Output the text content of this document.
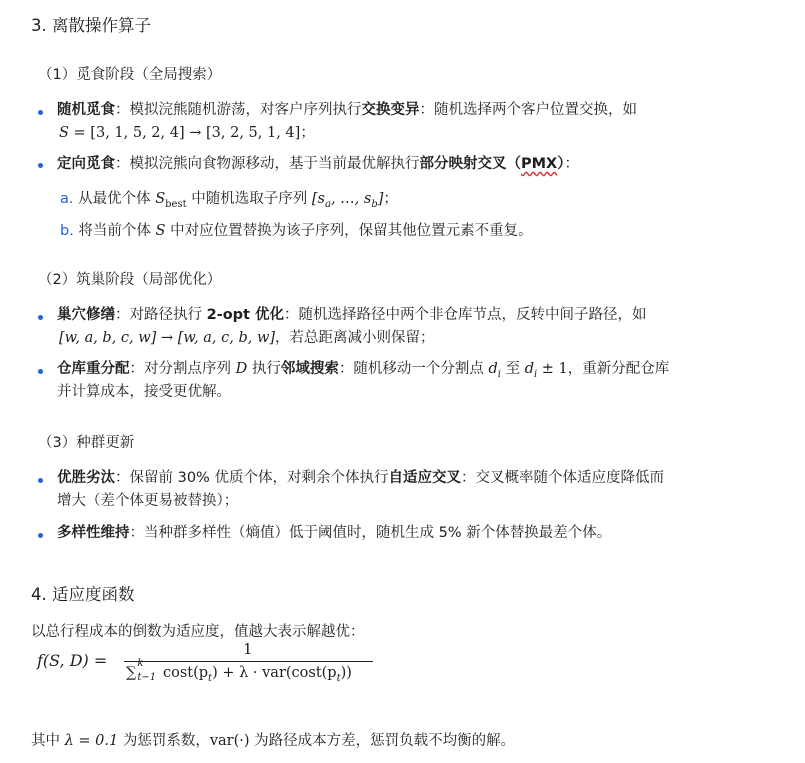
3. 离散操作算子
（1）觅食阶段（全局搜索）
随机觅食：模拟浣熊随机游荡，对客户序列执行交换变异：随机选择两个客户位置交换，如
S = [3, 1, 5, 2, 4] → [3, 2, 5, 1, 4]；
定向觅食：模拟浣熊向食物源移动，基于当前最优解执行部分映射交叉（PMX）：
a. 从最优个体 $S_{best}$ 中随机选取子序列 [$s_a$, …, $s_b$]；
b. 将当前个体 S 中对应位置替换为该子序列，保留其他位置元素不重复。
（2）筑巢阶段（局部优化）
巢穴修缮：对路径执行 2-opt 优化：随机选择路径中两个非仓库节点，反转中间子路径，如
[w, a, b, c, w] → [w, a, c, b, w]，若总距离减小则保留；
仓库重分配：对分割点序列 D 执行邻域搜索：随机移动一个分割点 $d_i$ 至 $d_i \pm 1$，重新分配仓库
并计算成本，接受更优解。
（3）种群更新
优胜劣汰：保留前 30% 优质个体，对剩余个体执行自适应交叉：交叉概率随个体适应度降低而
增大（差个体更易被替换）；
多样性维持：当种群多样性（熵值）低于阈值时，随机生成 5% 新个体替换最差个体。
4. 适应度函数
以总行程成本的倒数为适应度，值越大表示解越优：
f(S, D) =
1
∑
k
t−1 $\cos t(p_t) + \lambda \cdot var(\cos t(p_t))$
其中 λ = 0.1 为惩罚系数，var(·) 为路径成本方差，惩罚负载不均衡的解。
